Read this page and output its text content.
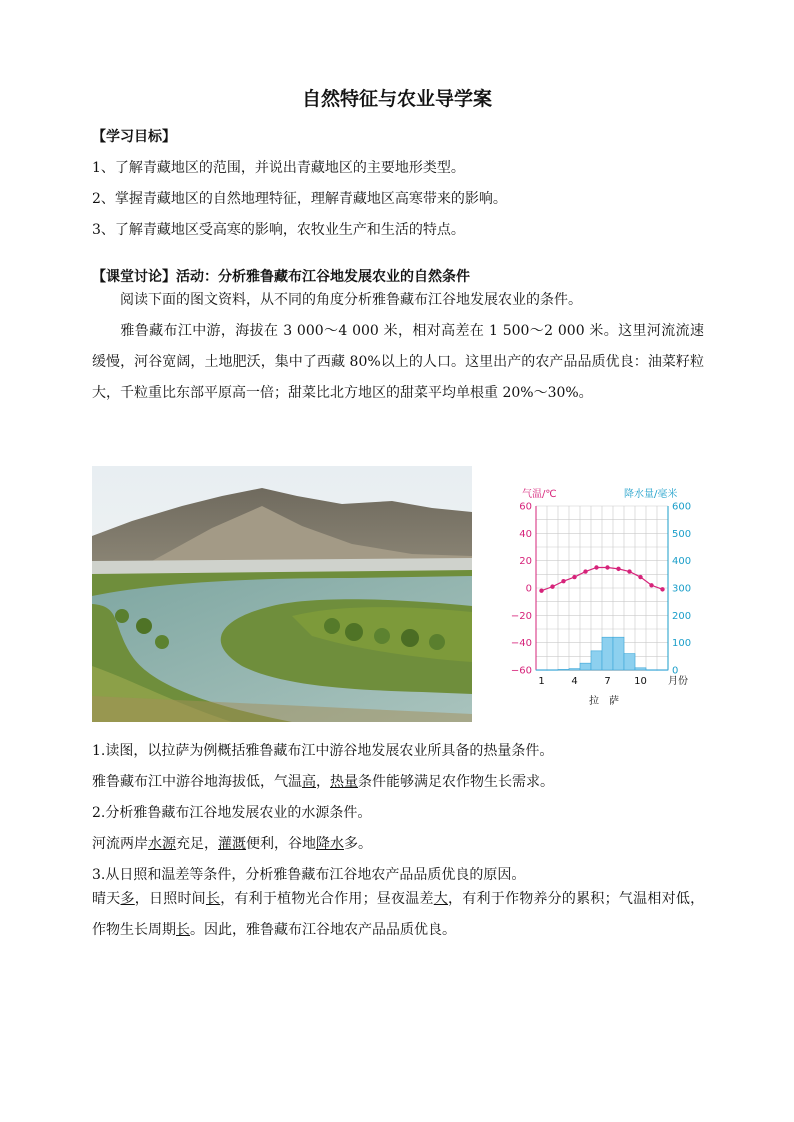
自然特征与农业导学案
【学习目标】
1、了解青藏地区的范围，并说出青藏地区的主要地形类型。
2、掌握青藏地区的自然地理特征，理解青藏地区高寒带来的影响。
3、了解青藏地区受高寒的影响，农牧业生产和生活的特点。
【课堂讨论】活动：分析雅鲁藏布江谷地发展农业的自然条件
阅读下面的图文资料，从不同的角度分析雅鲁藏布江谷地发展农业的条件。
雅鲁藏布江中游，海拔在 3 000～4 000 米，相对高差在 1 500～2 000 米。这里河流流速缓慢，河谷宽阔，土地肥沃，集中了西藏 80%以上的人口。这里出产的农产品品质优良：油菜籽粒大，千粒重比东部平原高一倍；甜菜比北方地区的甜菜平均单根重 20%～30%。
气温/℃	降水量/毫米
60
40
20
0
−20
−40
−60
600
500
400
300
200
100
0
1	4	7 10 月份
拉　萨
1.读图，以拉萨为例概括雅鲁藏布江中游谷地发展农业所具备的热量条件。
雅鲁藏布江中游谷地海拔低，气温高，热量条件能够满足农作物生长需求。
2.分析雅鲁藏布江谷地发展农业的水源条件。
河流两岸水源充足，灌溉便利，谷地降水多。
3.从日照和温差等条件，分析雅鲁藏布江谷地农产品品质优良的原因。
晴天多，日照时间长，有利于植物光合作用；昼夜温差大，有利于作物养分的累积；气温相对低，作物生长周期长。因此，雅鲁藏布江谷地农产品品质优良。
